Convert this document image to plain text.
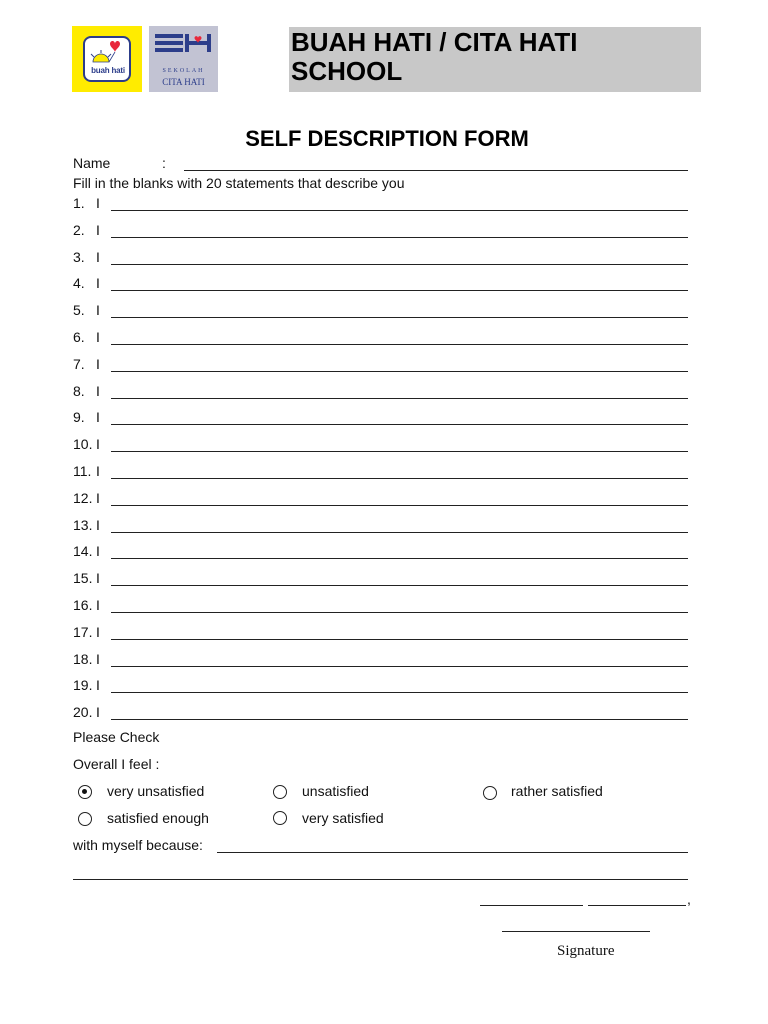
buah hati	SEKOLAH
CITA HATI
BUAH HATI / CITA HATI
SCHOOL
SELF DESCRIPTION FORM
Name	:
Fill in the blanks with 20 statements that describe you
1. I
2. I
3. I
4. I
5. I
6. I
7. I
8. I
9. I
10. I
11. I
12. I
13. I
14. I
15. I
16. I
17. I
18. I
19. I
20. I
Please Check
Overall I feel :
very unsatisfied	unsatisfied	rather satisfied
satisfied enough	very satisfied
with myself because:
,
Signature
